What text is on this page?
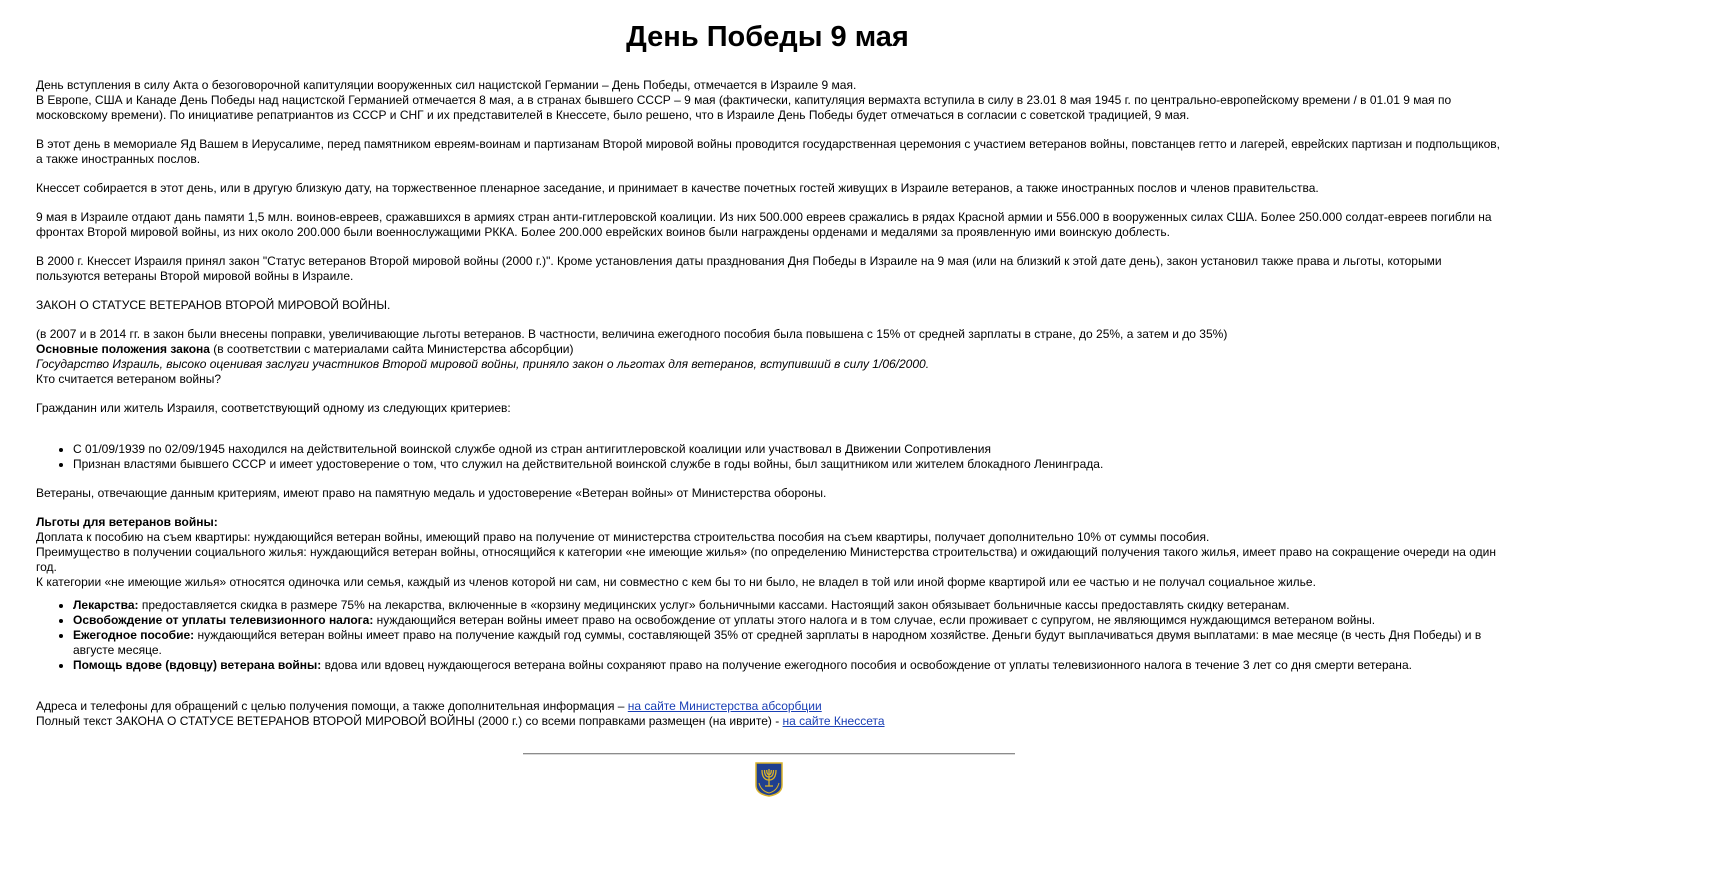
День Победы 9 мая

День вступления в силу Акта о безоговорочной капитуляции вооруженных сил нацистской Германии – День Победы, отмечается в Израиле 9 мая.

В Европе, США и Канаде День Победы над нацистской Германией отмечается 8 мая, а в странах бывшего СССР – 9 мая (фактически, капитуляция вермахта вступила в силу в 23.01 8 мая 1945 г. по центрально-европейскому времени / в 01.01 9 мая по московскому времени). По инициативе репатриантов из СССР и СНГ и их представителей в Кнессете, было решено, что в Израиле День Победы будет отмечаться в согласии с советской традицией, 9 мая.

В этот день в мемориале Яд Вашем в Иерусалиме, перед памятником евреям-воинам и партизанам Второй мировой войны проводится государственная церемония с участием ветеранов войны, повстанцев гетто и лагерей, еврейских партизан и подпольщиков, а также иностранных послов.

Кнессет собирается в этот день, или в другую близкую дату, на торжественное пленарное заседание, и принимает в качестве почетных гостей живущих в Израиле ветеранов, а также иностранных послов и членов правительства.

9 мая в Израиле отдают дань памяти 1,5 млн. воинов-евреев, сражавшихся в армиях стран анти-гитлеровской коалиции. Из них 500.000 евреев сражались в рядах Красной армии и 556.000 в вооруженных силах США. Более 250.000 солдат-евреев погибли на фронтах Второй мировой войны, из них около 200.000 были военнослужащими РККА. Более 200.000 еврейских воинов были награждены орденами и медалями за проявленную ими воинскую доблесть.

В 2000 г. Кнессет Израиля принял закон "Статус ветеранов Второй мировой войны (2000 г.)". Кроме установления даты празднования Дня Победы в Израиле на 9 мая (или на близкий к этой дате день), закон установил также права и льготы, которыми пользуются ветераны Второй мировой войны в Израиле.

ЗАКОН О СТАТУСЕ ВЕТЕРАНОВ ВТОРОЙ МИРОВОЙ ВОЙНЫ.

(в 2007 и в 2014 гг. в закон были внесены поправки, увеличивающие льготы ветеранов. В частности, величина ежегодного пособия была повышена с 15% от средней зарплаты в стране, до 25%, а затем и до 35%)

Основные положения закона (в соответствии с материалами сайта Министерства абсорбции)

Государство Израиль, высоко оценивая заслуги участников Второй мировой войны, приняло закон о льготах для ветеранов, вступивший в силу 1/06/2000.

Кто считается ветераном войны?

Гражданин или житель Израиля, соответствующий одному из следующих критериев:

• С 01/09/1939 по 02/09/1945 находился на действительной воинской службе одной из стран антигитлеровской коалиции или участвовал в Движении Сопротивления
• Признан властями бывшего СССР и имеет удостоверение о том, что служил на действительной воинской службе в годы войны, был защитником или жителем блокадного Ленинграда.

Ветераны, отвечающие данным критериям, имеют право на памятную медаль и удостоверение «Ветеран войны» от Министерства обороны.

Льготы для ветеранов войны:

Доплата к пособию на съем квартиры: нуждающийся ветеран войны, имеющий право на получение от министерства строительства пособия на съем квартиры, получает дополнительно 10% от суммы пособия.

Преимущество в получении социального жилья: нуждающийся ветеран войны, относящийся к категории «не имеющие жилья» (по определению Министерства строительства) и ожидающий получения такого жилья, имеет право на сокращение очереди на один год.

К категории «не имеющие жилья» относятся одиночка или семья, каждый из членов которой ни сам, ни совместно с кем бы то ни было, не владел в той или иной форме квартирой или ее частью и не получал социальное жилье.

• Лекарства: предоставляется скидка в размере 75% на лекарства, включенные в «корзину медицинских услуг» больничными кассами. Настоящий закон обязывает больничные кассы предоставлять скидку ветеранам.
• Освобождение от уплаты телевизионного налога: нуждающийся ветеран войны имеет право на освобождение от уплаты этого налога и в том случае, если проживает с супругом, не являющимся нуждающимся ветераном войны.
• Ежегодное пособие: нуждающийся ветеран войны имеет право на получение каждый год суммы, составляющей 35% от средней зарплаты в народном хозяйстве. Деньги будут выплачиваться двумя выплатами: в мае месяце (в честь Дня Победы) и в августе месяце.
• Помощь вдове (вдовцу) ветерана войны: вдова или вдовец нуждающегося ветерана войны сохраняют право на получение ежегодного пособия и освобождение от уплаты телевизионного налога в течение 3 лет со дня смерти ветерана.

Адреса и телефоны для обращений с целью получения помощи, а также дополнительная информация – на сайте Министерства абсорбции

Полный текст ЗАКОНА О СТАТУСЕ ВЕТЕРАНОВ ВТОРОЙ МИРОВОЙ ВОЙНЫ (2000 г.) со всеми поправками размещен (на иврите) - на сайте Кнессета
